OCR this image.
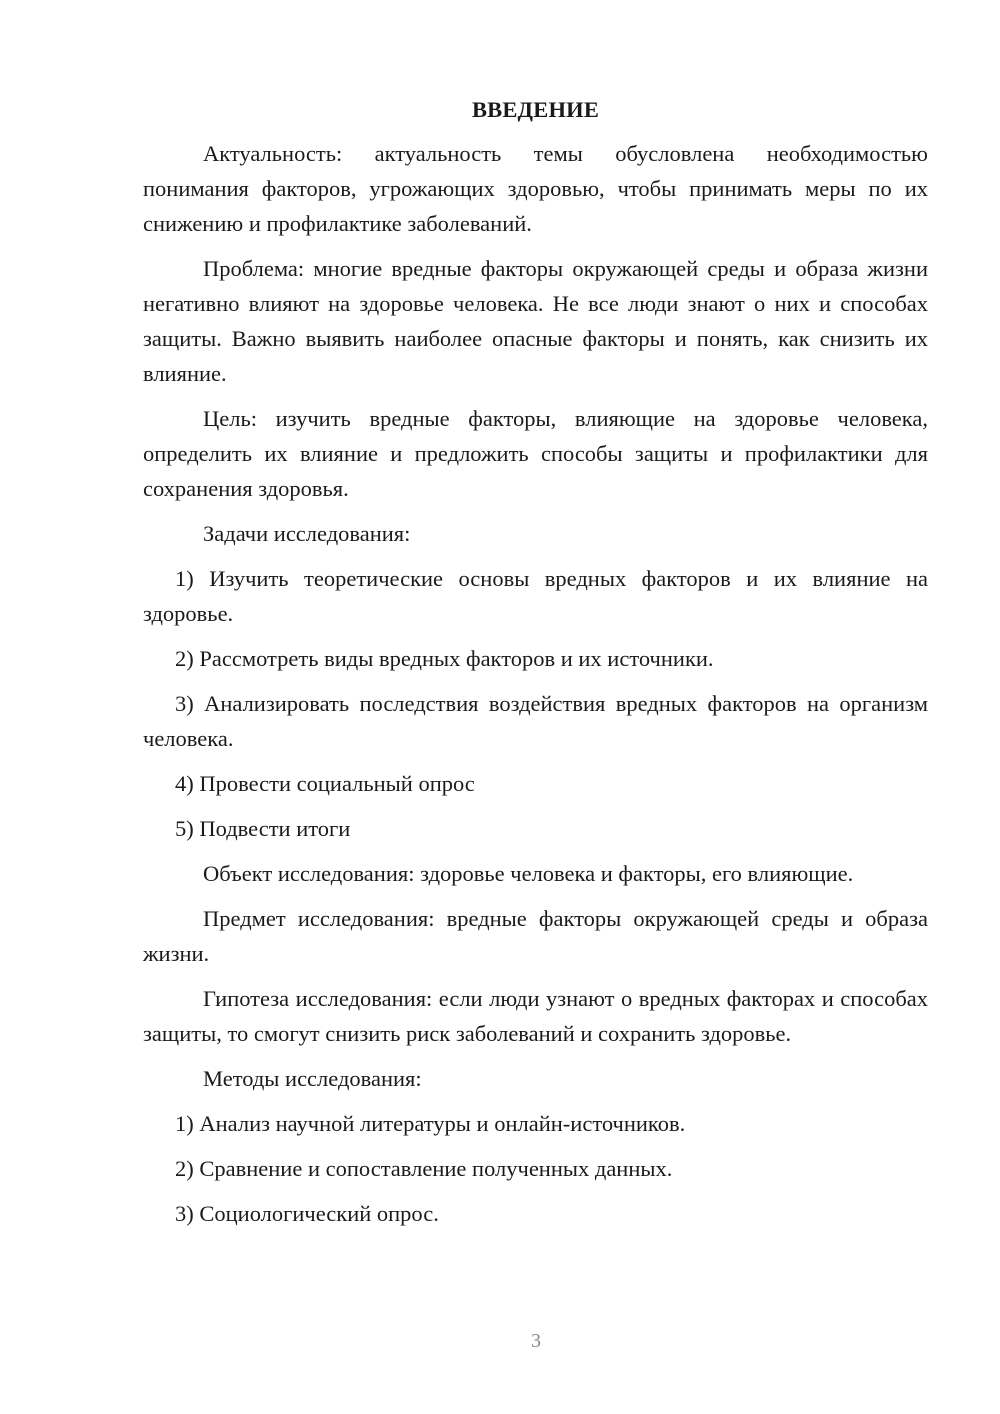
ВВЕДЕНИЕ

Актуальность: актуальность темы обусловлена необходимостью понимания факторов, угрожающих здоровью, чтобы принимать меры по их снижению и профилактике заболеваний.

Проблема: многие вредные факторы окружающей среды и образа жизни негативно влияют на здоровье человека. Не все люди знают о них и способах защиты. Важно выявить наиболее опасные факторы и понять, как снизить их влияние.

Цель: изучить вредные факторы, влияющие на здоровье человека, определить их влияние и предложить способы защиты и профилактики для сохранения здоровья.

Задачи исследования:

1) Изучить теоретические основы вредных факторов и их влияние на здоровье.

2) Рассмотреть виды вредных факторов и их источники.

3) Анализировать последствия воздействия вредных факторов на организм человека.

4) Провести социальный опрос

5) Подвести итоги

Объект исследования: здоровье человека и факторы, его влияющие.

Предмет исследования: вредные факторы окружающей среды и образа жизни.

Гипотеза исследования: если люди узнают о вредных факторах и способах защиты, то смогут снизить риск заболеваний и сохранить здоровье.

Методы исследования:

1) Анализ научной литературы и онлайн-источников.

2) Сравнение и сопоставление полученных данных.

3) Социологический опрос.

3
